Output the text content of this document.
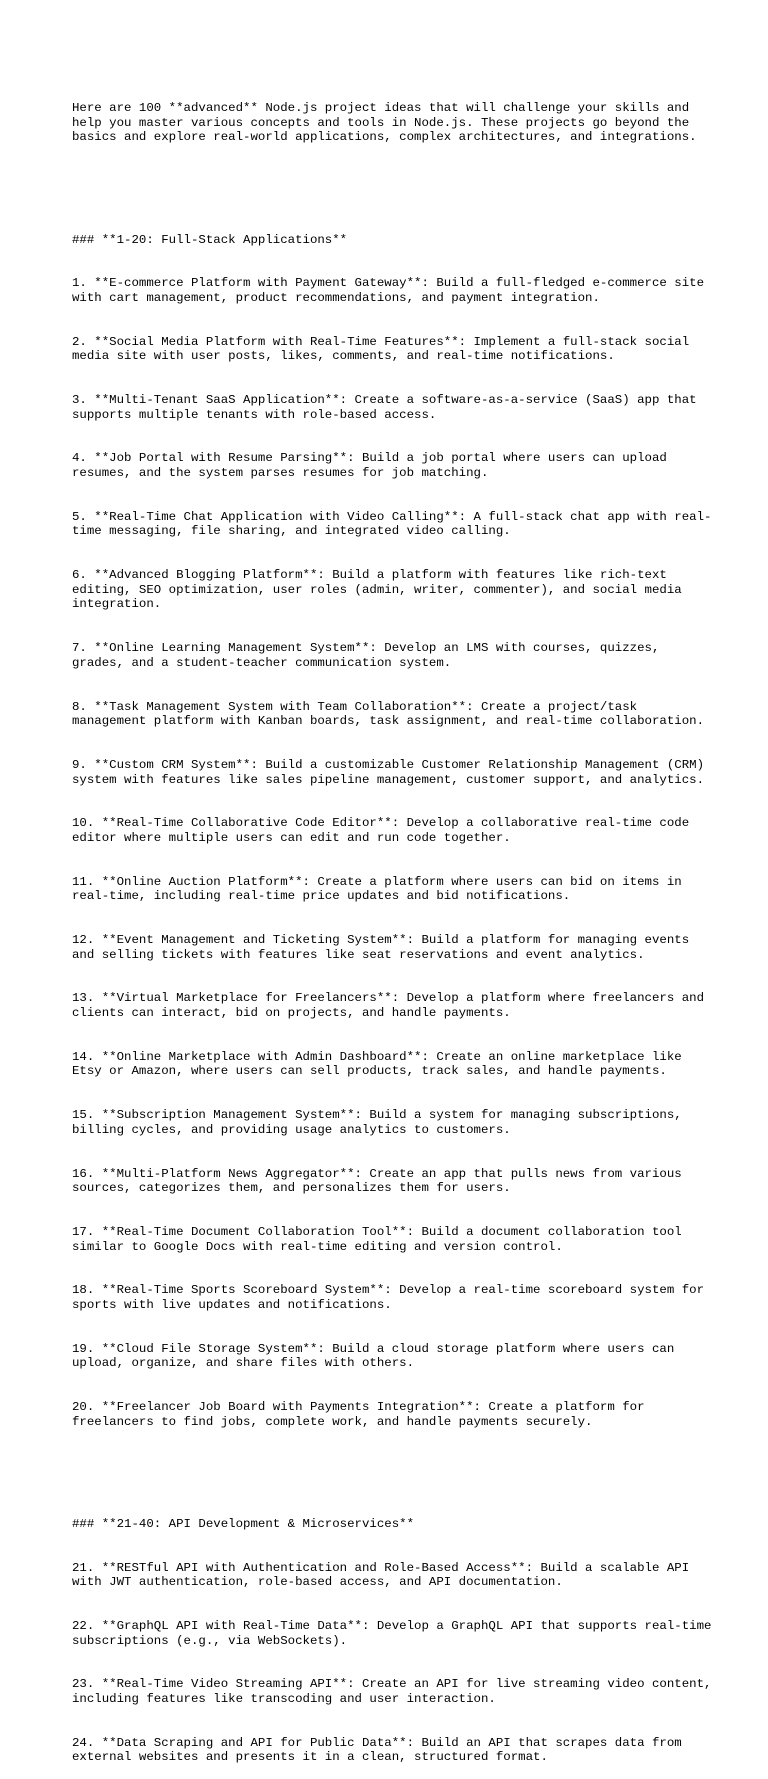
Here are 100 **advanced** Node.js project ideas that will challenge your skills and help you master various concepts and tools in Node.js. These projects go beyond the basics and explore real-world applications, complex architectures, and integrations.

### **1-20: Full-Stack Applications**

1. **E-commerce Platform with Payment Gateway**: Build a full-fledged e-commerce site with cart management, product recommendations, and payment integration.

2. **Social Media Platform with Real-Time Features**: Implement a full-stack social media site with user posts, likes, comments, and real-time notifications.

3. **Multi-Tenant SaaS Application**: Create a software-as-a-service (SaaS) app that supports multiple tenants with role-based access.

4. **Job Portal with Resume Parsing**: Build a job portal where users can upload resumes, and the system parses resumes for job matching.

5. **Real-Time Chat Application with Video Calling**: A full-stack chat app with real-time messaging, file sharing, and integrated video calling.

6. **Advanced Blogging Platform**: Build a platform with features like rich-text editing, SEO optimization, user roles (admin, writer, commenter), and social media integration.

7. **Online Learning Management System**: Develop an LMS with courses, quizzes, grades, and a student-teacher communication system.

8. **Task Management System with Team Collaboration**: Create a project/task management platform with Kanban boards, task assignment, and real-time collaboration.

9. **Custom CRM System**: Build a customizable Customer Relationship Management (CRM) system with features like sales pipeline management, customer support, and analytics.

10. **Real-Time Collaborative Code Editor**: Develop a collaborative real-time code editor where multiple users can edit and run code together.

11. **Online Auction Platform**: Create a platform where users can bid on items in real-time, including real-time price updates and bid notifications.

12. **Event Management and Ticketing System**: Build a platform for managing events and selling tickets with features like seat reservations and event analytics.

13. **Virtual Marketplace for Freelancers**: Develop a platform where freelancers and clients can interact, bid on projects, and handle payments.

14. **Online Marketplace with Admin Dashboard**: Create an online marketplace like Etsy or Amazon, where users can sell products, track sales, and handle payments.

15. **Subscription Management System**: Build a system for managing subscriptions, billing cycles, and providing usage analytics to customers.

16. **Multi-Platform News Aggregator**: Create an app that pulls news from various sources, categorizes them, and personalizes them for users.

17. **Real-Time Document Collaboration Tool**: Build a document collaboration tool similar to Google Docs with real-time editing and version control.

18. **Real-Time Sports Scoreboard System**: Develop a real-time scoreboard system for sports with live updates and notifications.

19. **Cloud File Storage System**: Build a cloud storage platform where users can upload, organize, and share files with others.

20. **Freelancer Job Board with Payments Integration**: Create a platform for freelancers to find jobs, complete work, and handle payments securely.

### **21-40: API Development & Microservices**

21. **RESTful API with Authentication and Role-Based Access**: Build a scalable API with JWT authentication, role-based access, and API documentation.

22. **GraphQL API with Real-Time Data**: Develop a GraphQL API that supports real-time subscriptions (e.g., via WebSockets).

23. **Real-Time Video Streaming API**: Create an API for live streaming video content, including features like transcoding and user interaction.

24. **Data Scraping and API for Public Data**: Build an API that scrapes data from external websites and presents it in a clean, structured format.
